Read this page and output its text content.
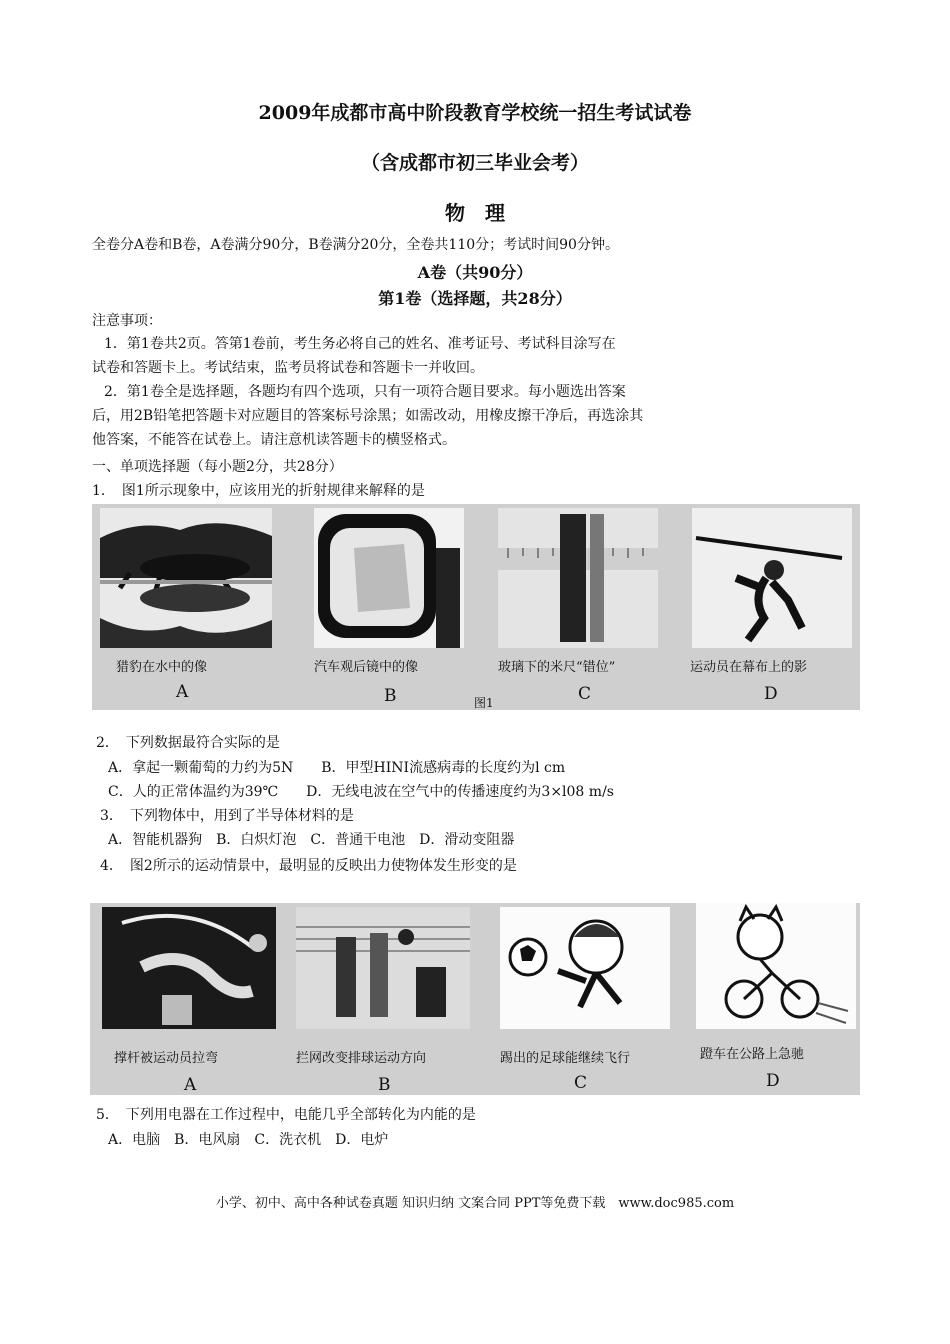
2009年成都市高中阶段教育学校统一招生考试试卷
（含成都市初三毕业会考）
物　理
全卷分A卷和B卷，A卷满分90分，B卷满分20分，全卷共110分；考试时间90分钟。
A卷（共90分）
第1卷（选择题，共28分）
注意事项：
1．第1卷共2页。答第1卷前，考生务必将自己的姓名、准考证号、考试科目涂写在
试卷和答题卡上。考试结束，监考员将试卷和答题卡一并收回。
2．第1卷全是选择题，各题均有四个选项，只有一项符合题目要求。每小题选出答案
后，用2B铅笔把答题卡对应题目的答案标号涂黑；如需改动，用橡皮擦干净后，再选涂其
他答案，不能答在试卷上。请注意机读答题卡的横竖格式。
一、单项选择题（每小题2分，共28分）
1．　图1所示现象中，应该用光的折射规律来解释的是
猎豹在水中的像
A
汽车观后镜中的像
B
玻璃下的米尺“错位”
C
运动员在幕布上的影
D
图1
2．　下列数据最符合实际的是
A．拿起一颗葡萄的力约为5N　　B．甲型HINI流感病毒的长度约为l cm
C．人的正常体温约为39℃　　D．无线电波在空气中的传播速度约为3×l08 m/s
3．　下列物体中，用到了半导体材料的是
A．智能机器狗　B．白炽灯泡　C．普通干电池　D．滑动变阻器
4．　图2所示的运动情景中，最明显的反映出力使物体发生形变的是
撑杆被运动员拉弯
A
拦网改变排球运动方向
B
踢出的足球能继续飞行
C
蹬车在公路上急驰
D
5．　下列用电器在工作过程中，电能几乎全部转化为内能的是
A．电脑　B．电风扇　C．洗衣机　D．电炉
小学、初中、高中各种试卷真题 知识归纳 文案合同 PPT等免费下载　www.doc985.com
